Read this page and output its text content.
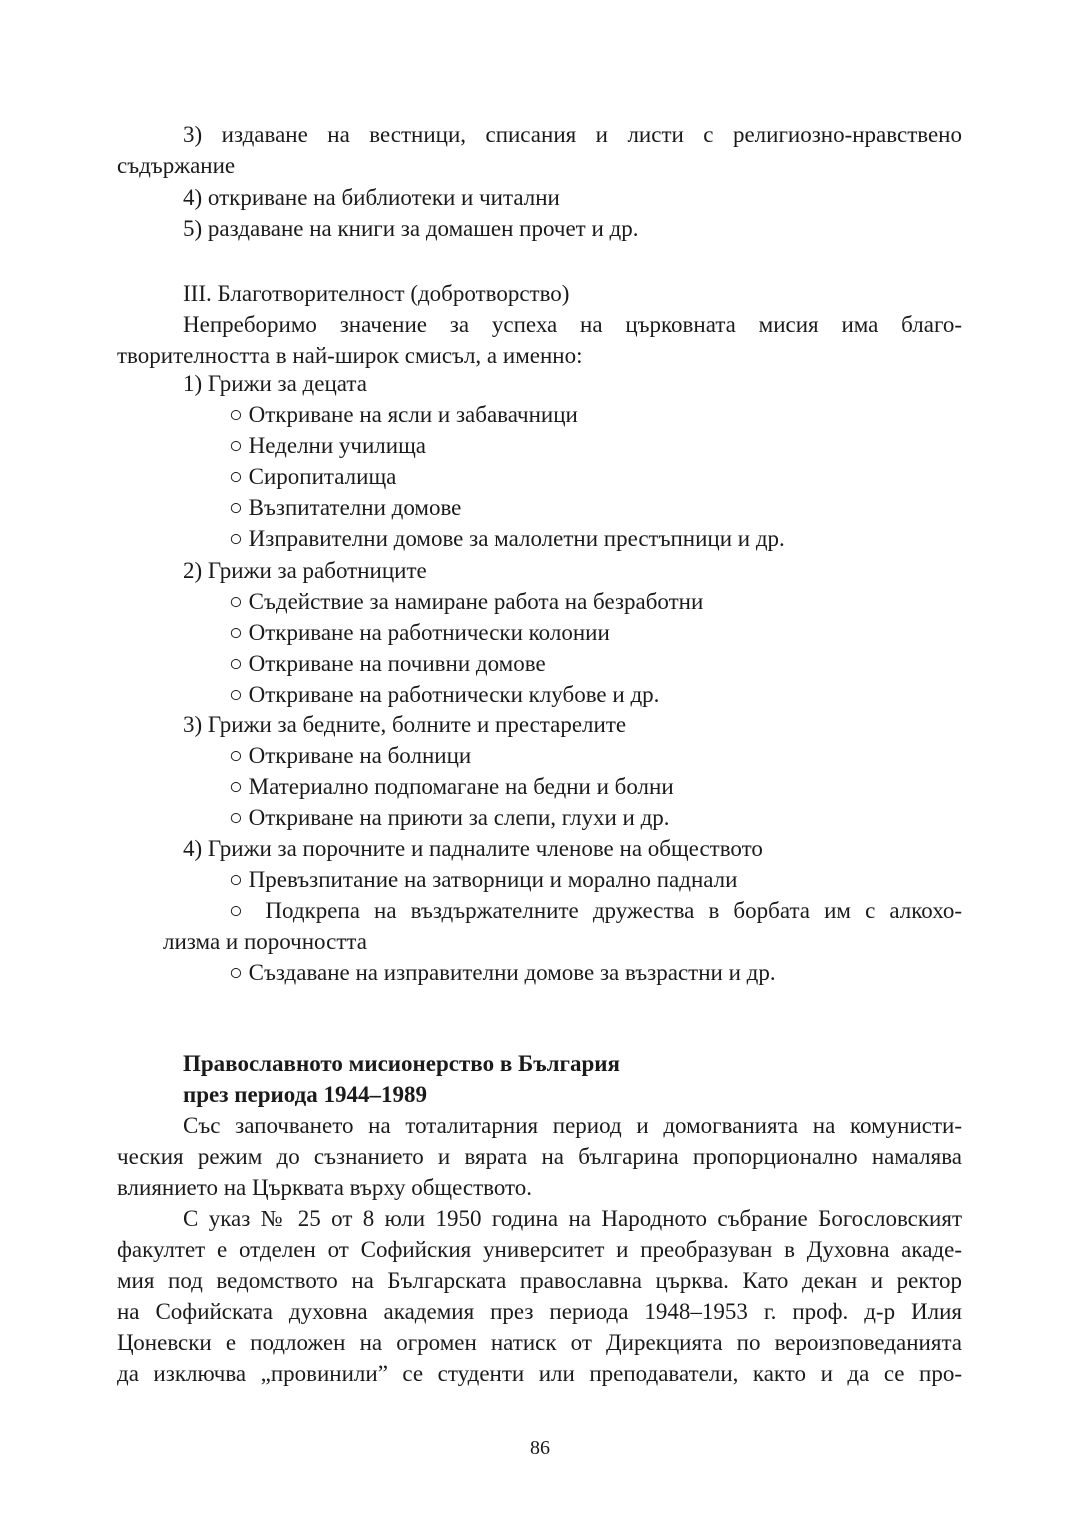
3) издаване на вестници, списания и листи с религиозно-нравствено
съдържание
4) откриване на библиотеки и читални
5) раздаване на книги за домашен прочет и др.
III. Благотворителност (добротворство)
Непреборимо значение за успеха на църковната мисия има благо-
творителността в най-широк смисъл, а именно:
1) Грижи за децата
○ Откриване на ясли и забавачници
○ Неделни училища
○ Сиропиталища
○ Възпитателни домове
○ Изправителни домове за малолетни престъпници и др.
2) Грижи за работниците
○ Съдействие за намиране работа на безработни
○ Откриване на работнически колонии
○ Откриване на почивни домове
○ Откриване на работнически клубове и др.
3) Грижи за бедните, болните и престарелите
○ Откриване на болници
○ Материално подпомагане на бедни и болни
○ Откриване на приюти за слепи, глухи и др.
4) Грижи за порочните и падналите членове на обществото
○ Превъзпитание на затворници и морално паднали
○ Подкрепа на въздържателните дружества в борбата им с алкохо-
лизма и порочността
○ Създаване на изправителни домове за възрастни и др.
Православното мисионерство в България
през периода 1944–1989
Със започването на тоталитарния период и домогванията на комунисти-
ческия режим до съзнанието и вярата на българина пропорционално намалява
влиянието на Църквата върху обществото.
С указ № 25 от 8 юли 1950 година на Народното събрание Богословският
факултет е отделен от Софийския университет и преобразуван в Духовна акаде-
мия под ведомството на Българската православна църква. Като декан и ректор
на Софийската духовна академия през периода 1948–1953 г. проф. д-р Илия
Цоневски е подложен на огромен натиск от Дирекцията по вероизповеданията
да изключва „провинили” се студенти или преподаватели, както и да се про-
86
